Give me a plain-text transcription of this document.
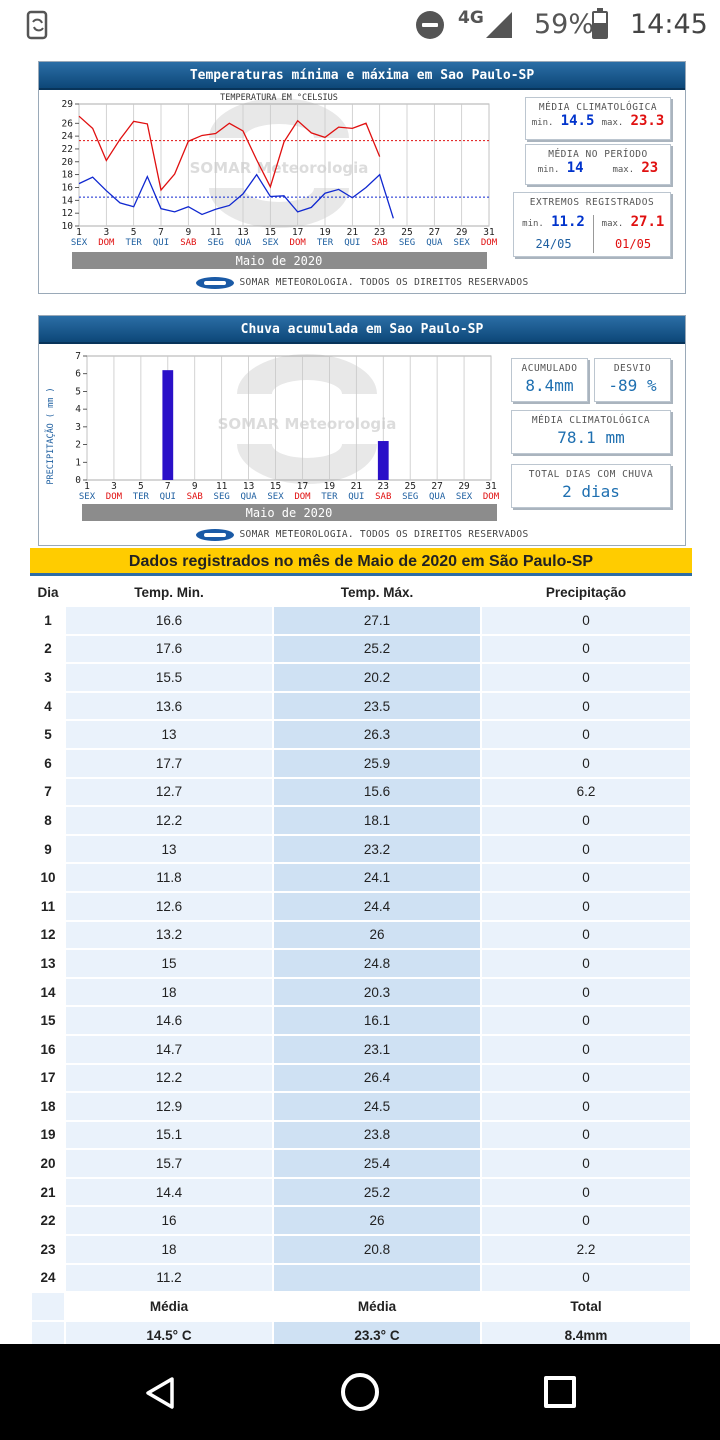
4G 59% 14:45
Temperaturas mínima e máxima em Sao Paulo-SP
SOMAR Meteorologia
TEMPERATURA EM °CELSIUS
10
12
14
16
18
20
22
24
26
29
1
SEX
3
DOM
5
TER
7
QUI
9
SAB
11
SEG
13
QUA
15
SEX
17
DOM
19
TER
21
QUI
23
SAB
25
SEG
27
QUA
29
SEX
31
DOM
Maio de 2020
MÉDIA CLIMATOLÓGICA
min. 14.5 max. 23.3
MÉDIA NO PERÍODO
min. 14	max. 23
EXTREMOS REGISTRADOS
min. 11.2	max. 27.1
24/05	01/05
SOMAR METEOROLOGIA. TODOS OS DIREITOS RESERVADOS
Chuva acumulada em Sao Paulo-SP
SOMAR Meteorologia
PRECIPITAÇÃO ( mm ) 0
1
2
3
4
5
6
7
1
SEX
3
DOM
5
TER
7
QUI
9
SAB
11
SEG
13
QUA
15
SEX
17
DOM
19
TER
21
QUI
23
SAB
25
SEG
27
QUA
29
SEX
31
DOM
Maio de 2020
ACUMULADO
8.4mm
DESVIO
-89 %
MÉDIA CLIMATOLÓGICA
78.1 mm
TOTAL DIAS COM CHUVA
2 dias
SOMAR METEOROLOGIA. TODOS OS DIREITOS RESERVADOS
Dados registrados no mês de Maio de 2020 em São Paulo-SP
Dia	Temp. Min.	Temp. Máx.	Precipitação
1	16.6	27.1	0
2	17.6	25.2	0
3	15.5	20.2	0
4	13.6	23.5	0
5	13	26.3	0
6	17.7	25.9	0
7	12.7	15.6	6.2
8	12.2	18.1	0
9	13	23.2	0
10	11.8	24.1	0
11	12.6	24.4	0
12	13.2	26	0
13	15	24.8	0
14	18	20.3	0
15	14.6	16.1	0
16	14.7	23.1	0
17	12.2	26.4	0
18	12.9	24.5	0
19	15.1	23.8	0
20	15.7	25.4	0
21	14.4	25.2	0
22	16	26	0
23	18	20.8	2.2
24	11.2		0
	Média	Média	Total
	14.5° C	23.3° C	8.4mm
